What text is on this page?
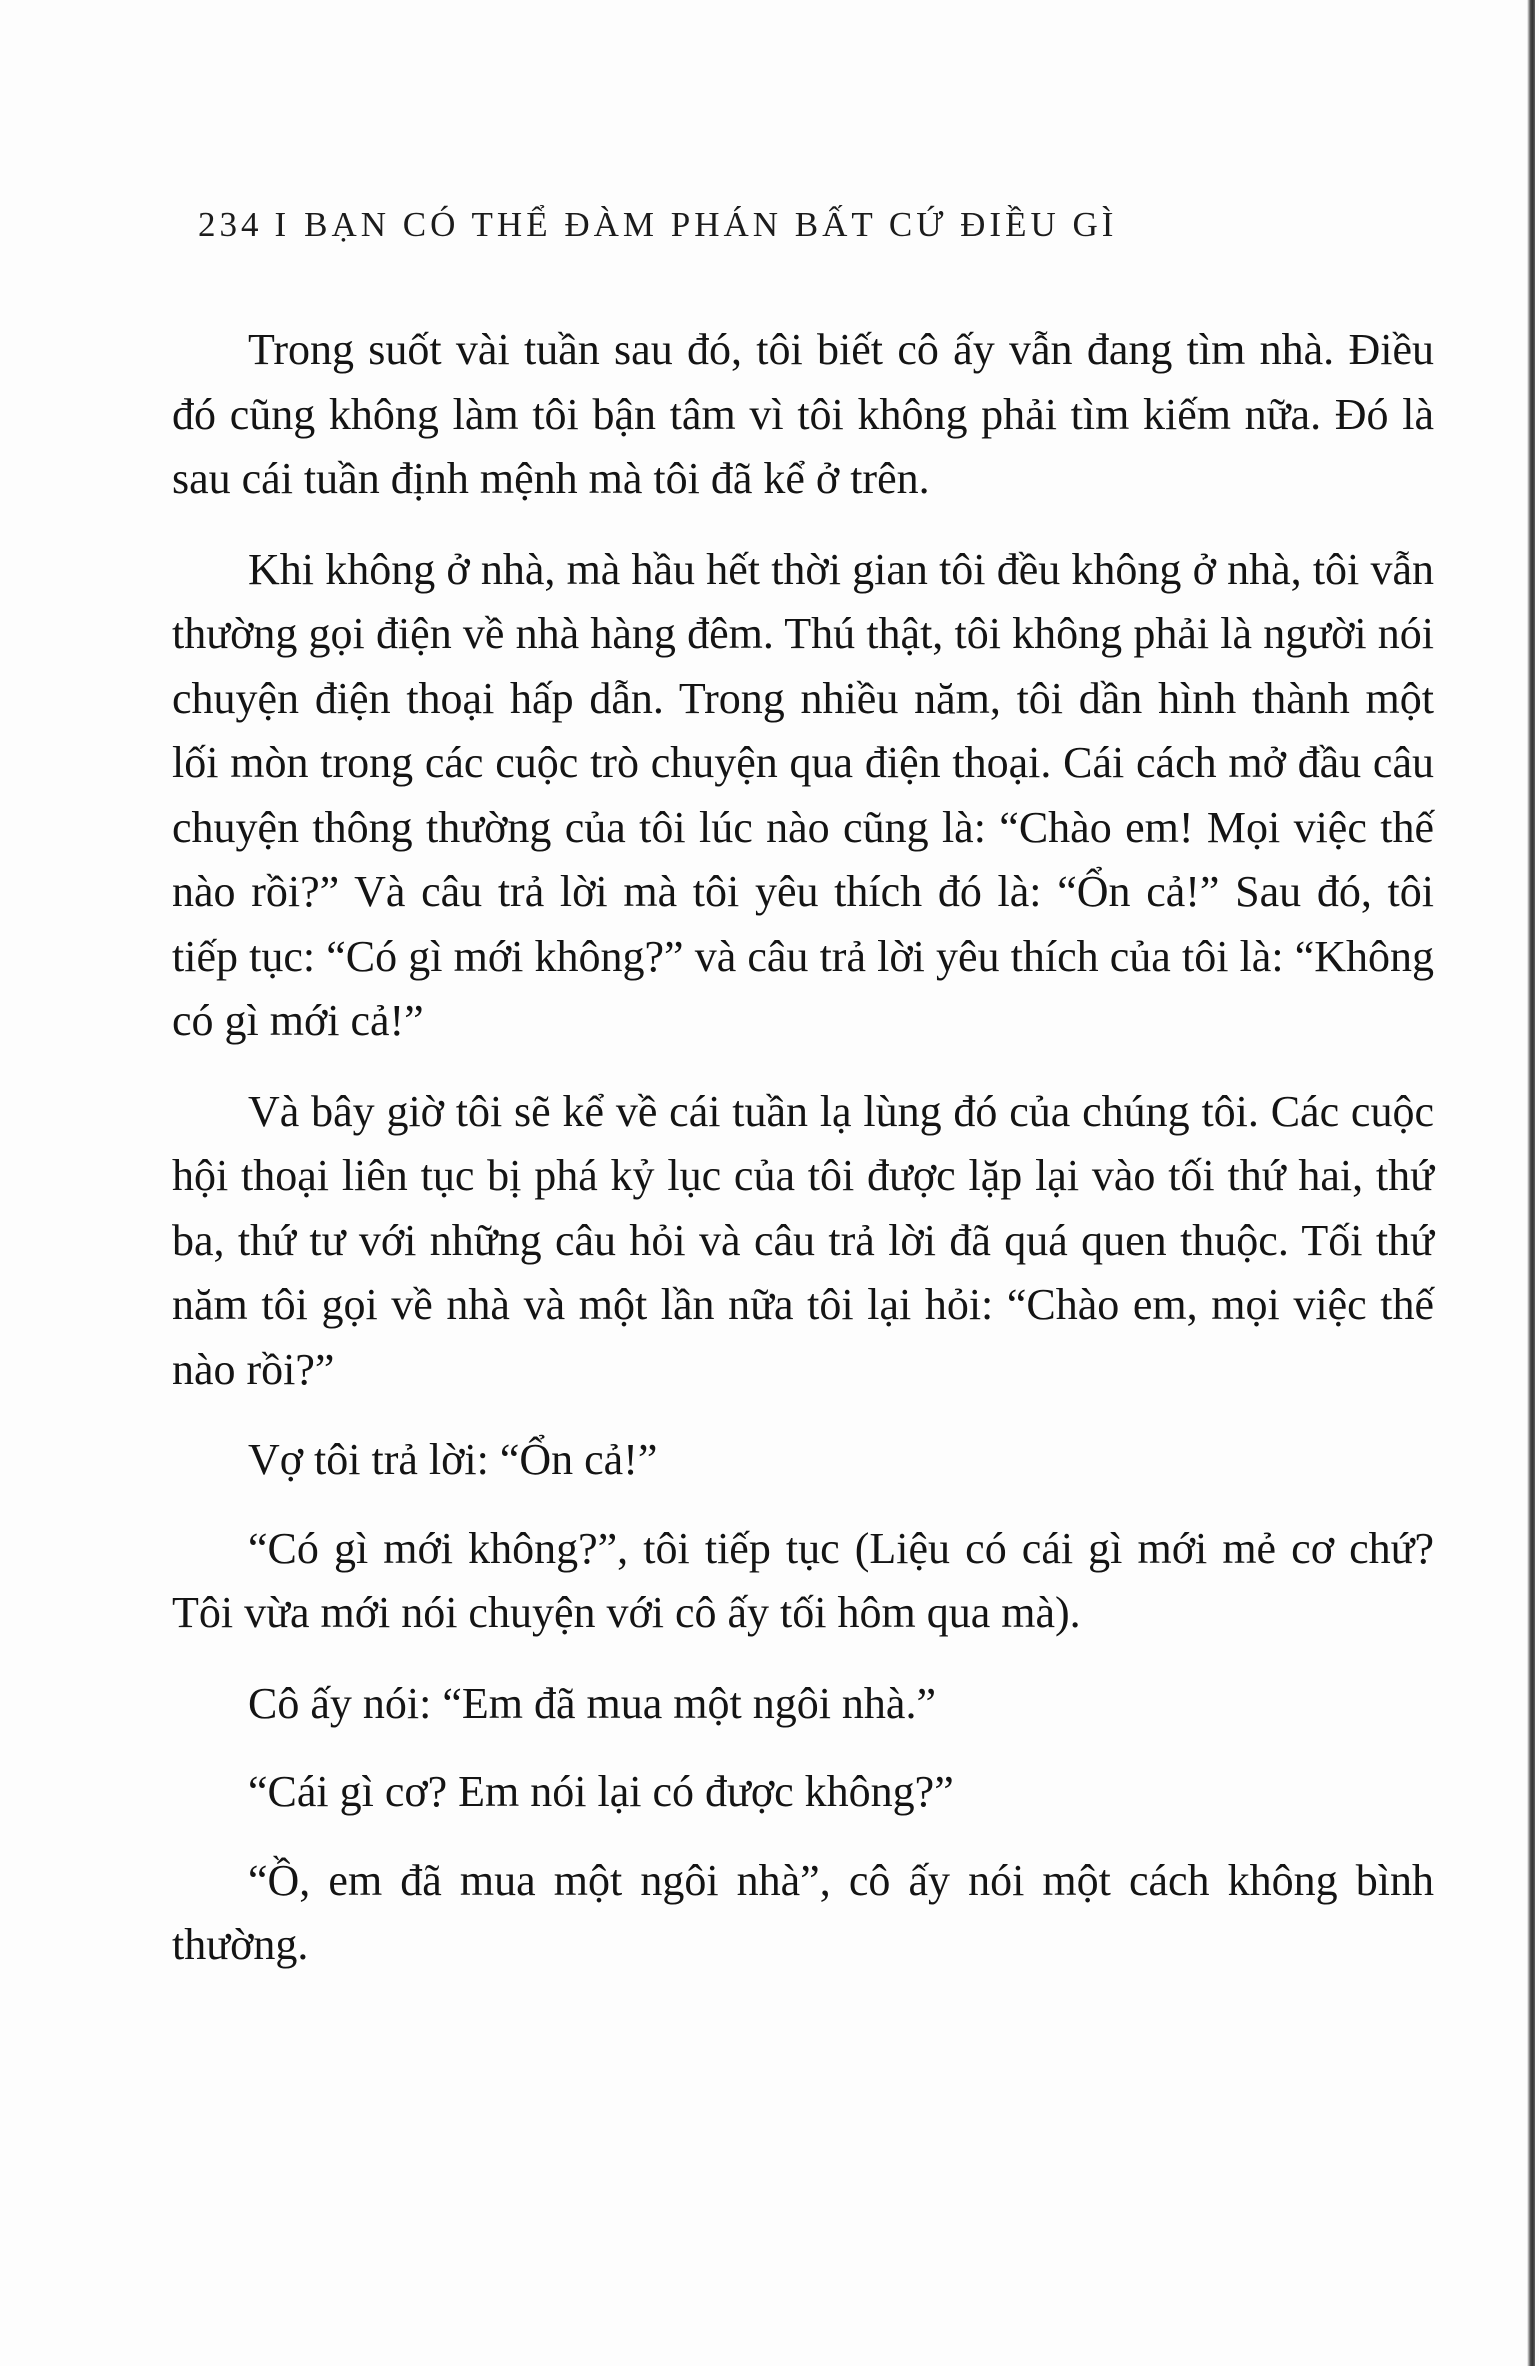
234 I BẠN CÓ THỂ ĐÀM PHÁN BẤT CỨ ĐIỀU GÌ

Trong suốt vài tuần sau đó, tôi biết cô ấy vẫn đang tìm nhà. Điều đó cũng không làm tôi bận tâm vì tôi không phải tìm kiếm nữa. Đó là sau cái tuần định mệnh mà tôi đã kể ở trên.

Khi không ở nhà, mà hầu hết thời gian tôi đều không ở nhà, tôi vẫn thường gọi điện về nhà hàng đêm. Thú thật, tôi không phải là người nói chuyện điện thoại hấp dẫn. Trong nhiều năm, tôi dần hình thành một lối mòn trong các cuộc trò chuyện qua điện thoại. Cái cách mở đầu câu chuyện thông thường của tôi lúc nào cũng là: “Chào em! Mọi việc thế nào rồi?” Và câu trả lời mà tôi yêu thích đó là: “Ổn cả!” Sau đó, tôi tiếp tục: “Có gì mới không?” và câu trả lời yêu thích của tôi là: “Không có gì mới cả!”

Và bây giờ tôi sẽ kể về cái tuần lạ lùng đó của chúng tôi. Các cuộc hội thoại liên tục bị phá kỷ lục của tôi được lặp lại vào tối thứ hai, thứ ba, thứ tư với những câu hỏi và câu trả lời đã quá quen thuộc. Tối thứ năm tôi gọi về nhà và một lần nữa tôi lại hỏi: “Chào em, mọi việc thế nào rồi?”

Vợ tôi trả lời: “Ổn cả!”

“Có gì mới không?”, tôi tiếp tục (Liệu có cái gì mới mẻ cơ chứ? Tôi vừa mới nói chuyện với cô ấy tối hôm qua mà).

Cô ấy nói: “Em đã mua một ngôi nhà.”

“Cái gì cơ? Em nói lại có được không?”

“Ồ, em đã mua một ngôi nhà”, cô ấy nói một cách không bình thường.
